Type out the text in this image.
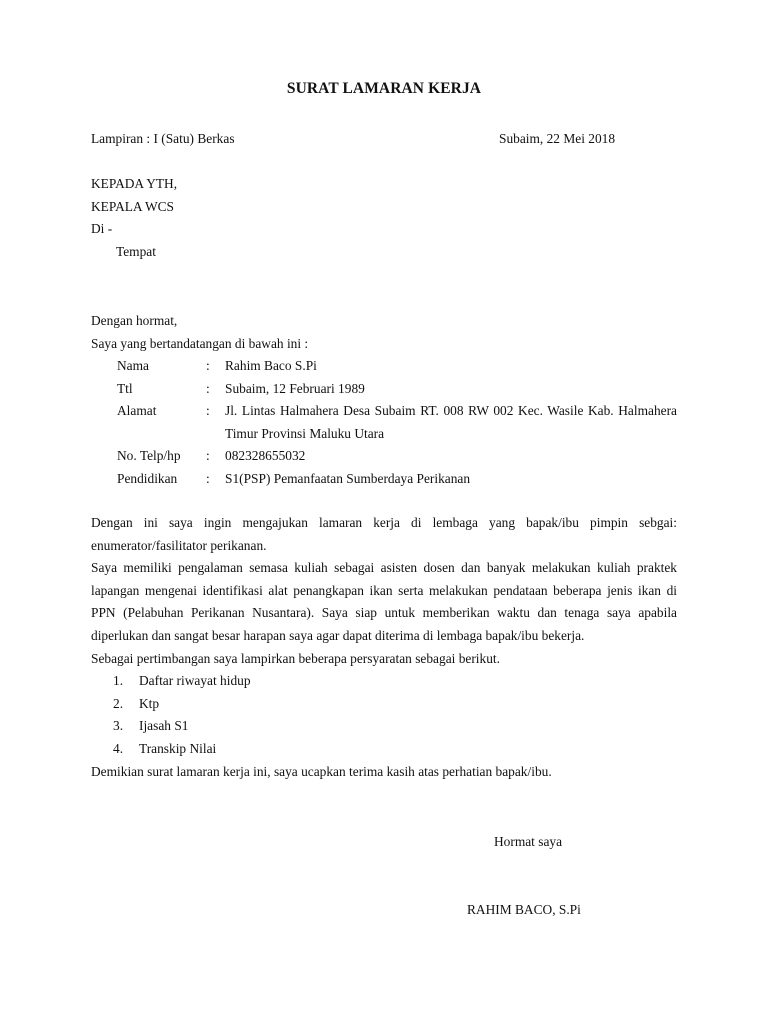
SURAT LAMARAN KERJA
Lampiran : I (Satu) Berkas	Subaim, 22 Mei 2018
KEPADA YTH,
KEPALA WCS
Di -
Tempat
Dengan hormat,
Saya yang bertandatangan di bawah ini :
Nama	:	Rahim Baco S.Pi
Ttl	:	Subaim, 12 Februari 1989
Alamat	:	Jl. Lintas Halmahera Desa Subaim RT. 008 RW 002 Kec. Wasile Kab. Halmahera Timur Provinsi Maluku Utara
No. Telp/hp	:	082328655032
Pendidikan	:	S1(PSP) Pemanfaatan Sumberdaya Perikanan

Dengan ini saya ingin mengajukan lamaran kerja di lembaga yang bapak/ibu pimpin sebgai: enumerator/fasilitator perikanan.

Saya memiliki pengalaman semasa kuliah sebagai asisten dosen dan banyak melakukan kuliah praktek lapangan mengenai identifikasi alat penangkapan ikan serta melakukan pendataan beberapa jenis ikan di PPN (Pelabuhan Perikanan Nusantara). Saya siap untuk memberikan waktu dan tenaga saya apabila diperlukan dan sangat besar harapan saya agar dapat diterima di lembaga bapak/ibu bekerja.

Sebagai pertimbangan saya lampirkan beberapa persyaratan sebagai berikut.

1.	Daftar riwayat hidup
2.	Ktp
3.	Ijasah S1
4.	Transkip Nilai

Demikian surat lamaran kerja ini, saya ucapkan terima kasih atas perhatian bapak/ibu.

Hormat saya
RAHIM BACO, S.Pi
